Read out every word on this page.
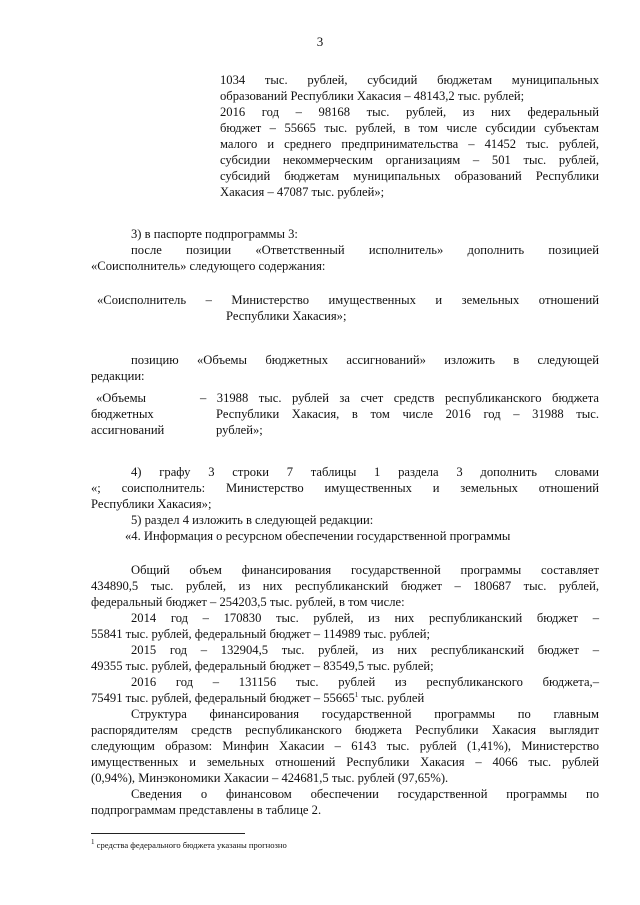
3
1034 тыс. рублей, субсидий бюджетам муниципальных
образований Республики Хакасия – 48143,2 тыс. рублей;
2016 год – 98168 тыс. рублей, из них федеральный
бюджет – 55665 тыс. рублей, в том числе субсидии субъектам
малого и среднего предпринимательства – 41452 тыс. рублей,
субсидии некоммерческим организациям – 501 тыс. рублей,
субсидий бюджетам муниципальных образований Республики
Хакасия – 47087 тыс. рублей»;
3) в паспорте подпрограммы 3:
после позиции «Ответственный исполнитель» дополнить позицией
«Соисполнитель» следующего содержания:
«Соисполнитель – Министерство имущественных и земельных отношений
Республики Хакасия»;
позицию «Объемы бюджетных ассигнований» изложить в следующей
редакции:
«Объемы
бюджетных
ассигнований
– 31988 тыс. рублей за счет средств республиканского бюджета
Республики Хакасия, в том числе 2016 год – 31988 тыс.
рублей»;
4) графу 3 строки 7 таблицы 1 раздела 3 дополнить словами
«; соисполнитель: Министерство имущественных и земельных отношений
Республики Хакасия»;
5) раздел 4 изложить в следующей редакции:
«4. Информация о ресурсном обеспечении государственной программы
Общий объем финансирования государственной программы составляет
434890,5 тыс. рублей, из них республиканский бюджет – 180687 тыс. рублей,
федеральный бюджет – 254203,5 тыс. рублей, в том числе:
2014 год – 170830 тыс. рублей, из них республиканский бюджет –
55841 тыс. рублей, федеральный бюджет – 114989 тыс. рублей;
2015 год – 132904,5 тыс. рублей, из них республиканский бюджет –
49355 тыс. рублей, федеральный бюджет – 83549,5 тыс. рублей;
2016 год – 131156 тыс. рублей из республиканского бюджета,–
75491 тыс. рублей, федеральный бюджет – 55665$^1$ тыс. рублей
Структура финансирования государственной программы по главным
распорядителям средств республиканского бюджета Республики Хакасия выглядит
следующим образом: Минфин Хакасии – 6143 тыс. рублей (1,41%), Министерство
имущественных и земельных отношений Республики Хакасия – 4066 тыс. рублей
(0,94%), Минэкономики Хакасии – 424681,5 тыс. рублей (97,65%).
Сведения о финансовом обеспечении государственной программы по
подпрограммам представлены в таблице 2.
$^1$ средства федерального бюджета указаны прогнозно
